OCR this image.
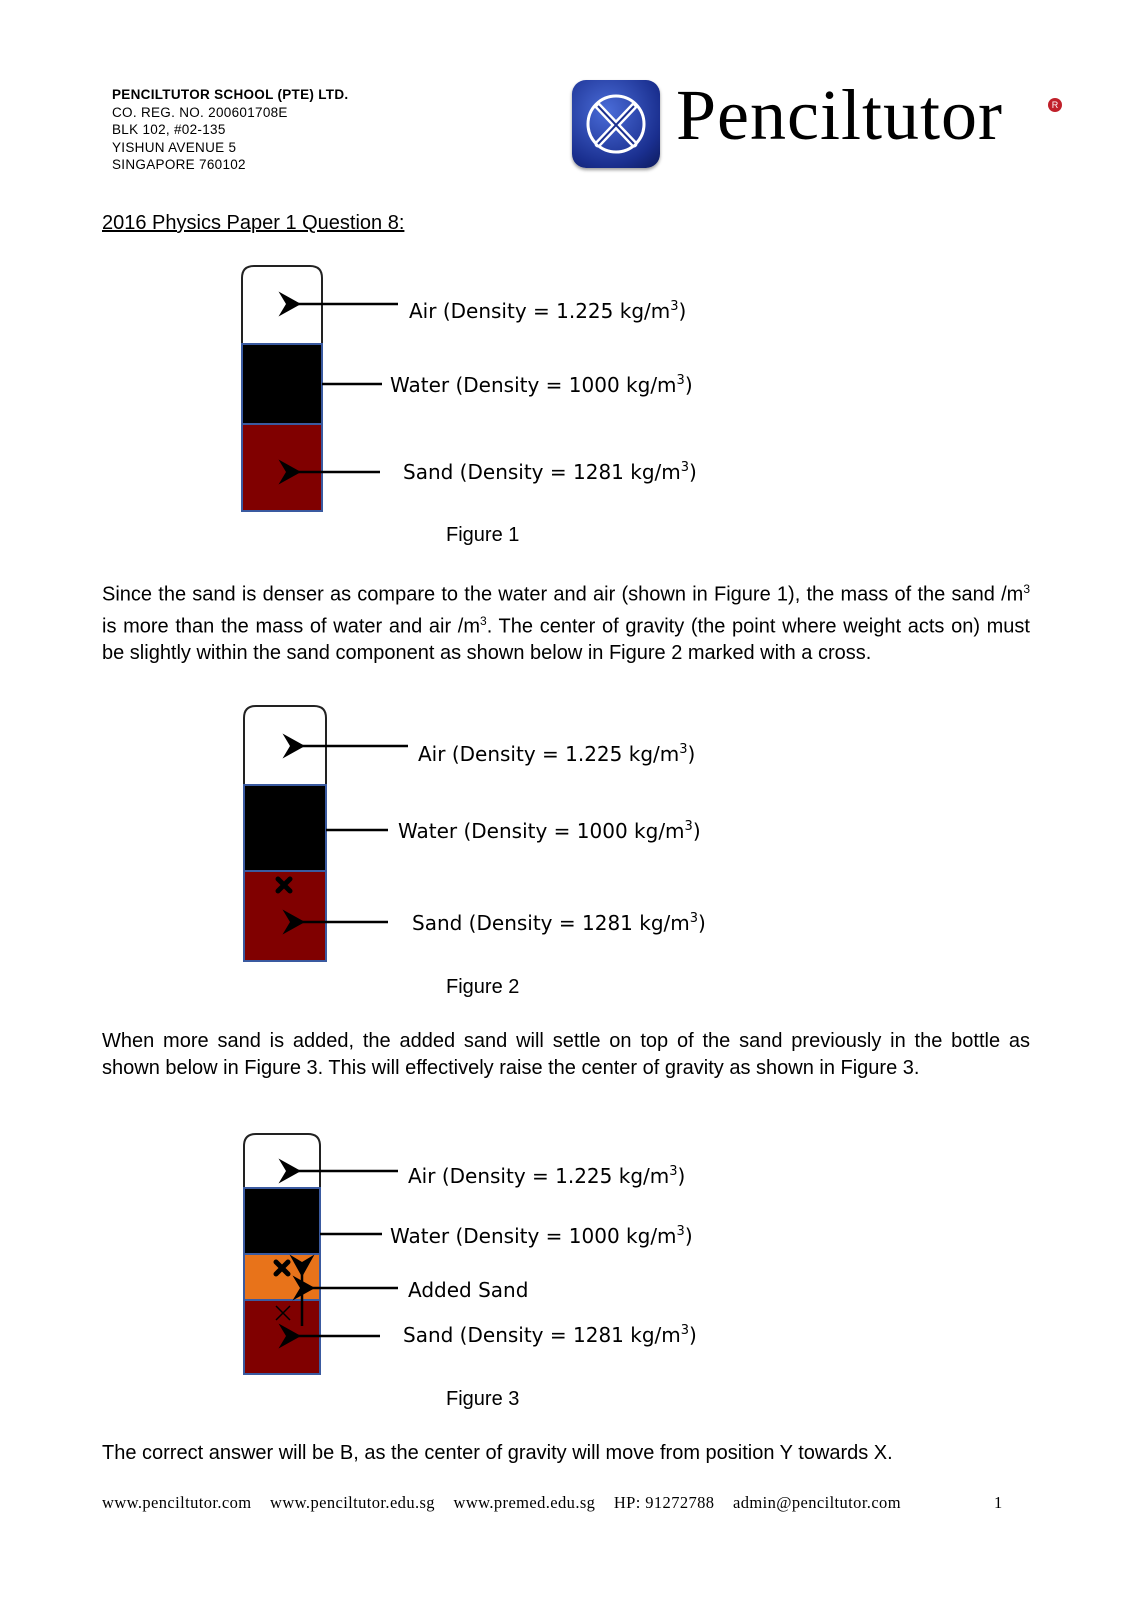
PENCILTUTOR SCHOOL (PTE) LTD.
CO. REG. NO. 200601708E
BLK 102, #02-135
YISHUN AVENUE 5
SINGAPORE 760102
Penciltutor	R
2016 Physics Paper 1 Question 8:
Air (Density = 1.225 $kg/m^3$)
Water (Density = 1000 $kg/m^3$)
Sand (Density = 1281 $kg/m^3$)
Air (Density = 1.225 $kg/m^3$)
Water (Density = 1000 $kg/m^3$)
Sand (Density = 1281 $kg/m^3$)
Air (Density = 1.225 $kg/m^3$)
Water (Density = 1000 $kg/m^3$)
Added Sand
Sand (Density = 1281 $kg/m^3$)
Figure 1
Since the sand is denser as compare to the water and air (shown in Figure 1), the mass of the sand $/m^3$ is more than the mass of water and air $/m^3$. The center of gravity (the point where weight acts on) must be slightly within the sand component as shown below in Figure 2 marked with a cross.
Figure 2
When more sand is added, the added sand will settle on top of the sand previously in the bottle as shown below in Figure 3. This will effectively raise the center of gravity as shown in Figure 3.
Figure 3
The correct answer will be B, as the center of gravity will move from position Y towards X.
www.penciltutor.com www.penciltutor.edu.sg www.premed.edu.sg HP: 91272788 admin@penciltutor.com	1
